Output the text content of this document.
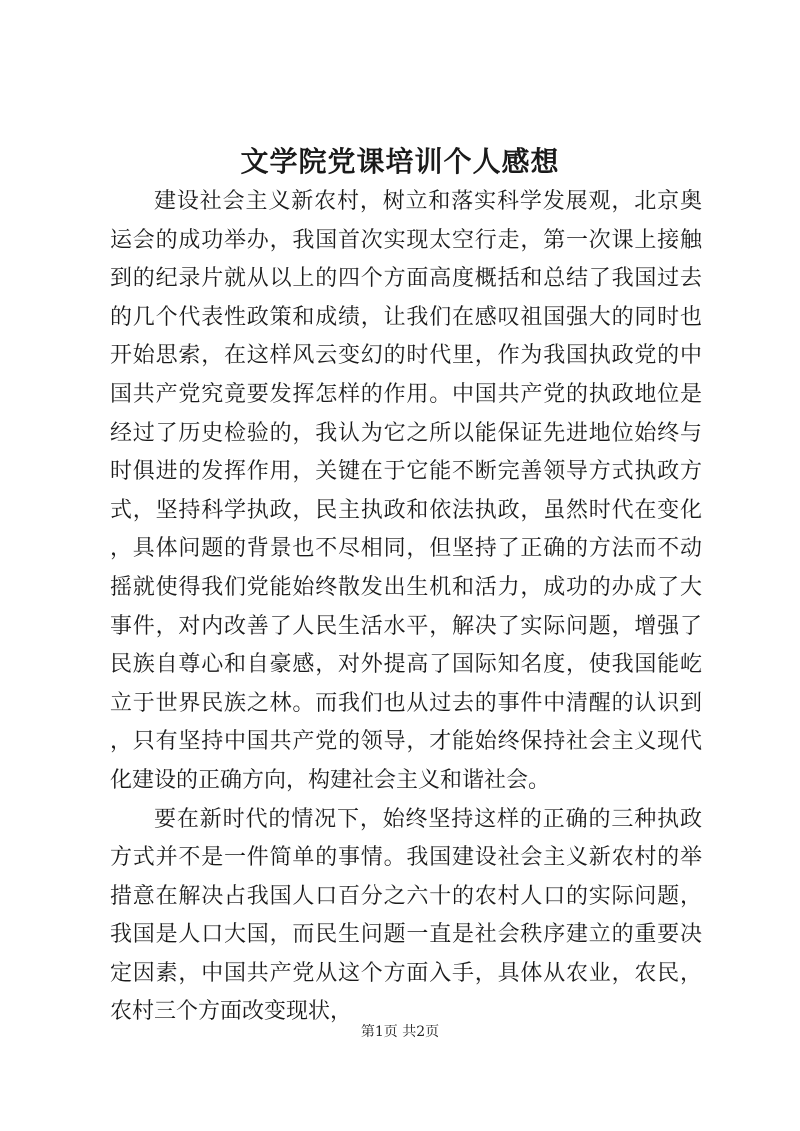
文学院党课培训个人感想

建设社会主义新农村，树立和落实科学发展观，北京奥运会的成功举办，我国首次实现太空行走，第一次课上接触到的纪录片就从以上的四个方面高度概括和总结了我国过去的几个代表性政策和成绩，让我们在感叹祖国强大的同时也开始思索，在这样风云变幻的时代里，作为我国执政党的中国共产党究竟要发挥怎样的作用。中国共产党的执政地位是经过了历史检验的，我认为它之所以能保证先进地位始终与时俱进的发挥作用，关键在于它能不断完善领导方式执政方式，坚持科学执政，民主执政和依法执政，虽然时代在变化，具体问题的背景也不尽相同，但坚持了正确的方法而不动摇就使得我们党能始终散发出生机和活力，成功的办成了大事件，对内改善了人民生活水平，解决了实际问题，增强了民族自尊心和自豪感，对外提高了国际知名度，使我国能屹立于世界民族之林。而我们也从过去的事件中清醒的认识到，只有坚持中国共产党的领导，才能始终保持社会主义现代化建设的正确方向，构建社会主义和谐社会。

要在新时代的情况下，始终坚持这样的正确的三种执政方式并不是一件简单的事情。我国建设社会主义新农村的举措意在解决占我国人口百分之六十的农村人口的实际问题，我国是人口大国，而民生问题一直是社会秩序建立的重要决定因素，中国共产党从这个方面入手，具体从农业，农民，农村三个方面改变现状，

第1页 共2页
